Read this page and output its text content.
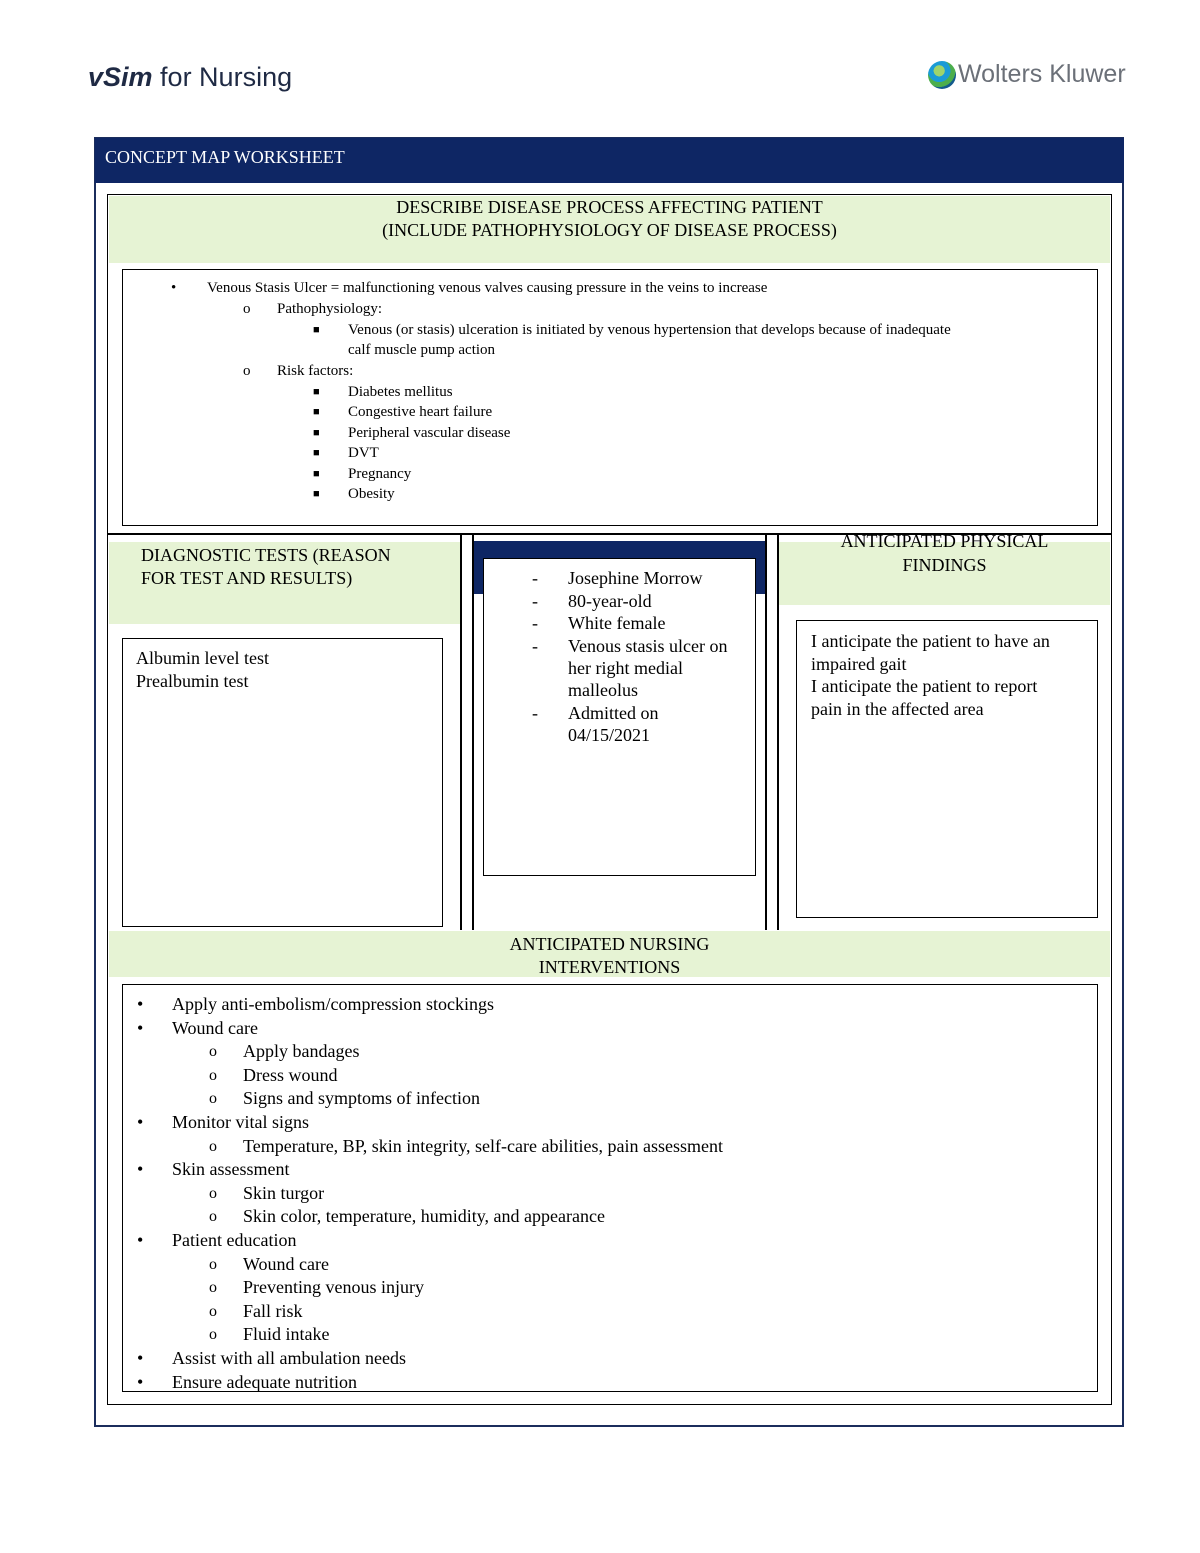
vSim for Nursing	Wolters Kluwer
CONCEPT MAP WORKSHEET
DESCRIBE DISEASE PROCESS AFFECTING PATIENT
(INCLUDE PATHOPHYSIOLOGY OF DISEASE PROCESS)
• Venous Stasis Ulcer = malfunctioning venous valves causing pressure in the veins to increase
o Pathophysiology:
■ Venous (or stasis) ulceration is initiated by venous hypertension that develops because of inadequate
calf muscle pump action
o Risk factors:
■ Diabetes mellitus
■ Congestive heart failure
■ Peripheral vascular disease
■ DVT
■ Pregnancy
■ Obesity
DIAGNOSTIC TESTS (REASON
FOR TEST AND RESULTS)
Albumin level test
Prealbumin test
- Josephine Morrow
- 80-year-old
- White female
- Venous stasis ulcer on
her right medial
malleolus
- Admitted on
04/15/2021
ANTICIPATED PHYSICAL
FINDINGS
I anticipate the patient to have an
impaired gait
I anticipate the patient to report
pain in the affected area
ANTICIPATED NURSING
INTERVENTIONS
• Apply anti-embolism/compression stockings
• Wound care
o Apply bandages
o Dress wound
o Signs and symptoms of infection
• Monitor vital signs
o Temperature, BP, skin integrity, self-care abilities, pain assessment
• Skin assessment
o Skin turgor
o Skin color, temperature, humidity, and appearance
• Patient education
o Wound care
o Preventing venous injury
o Fall risk
o Fluid intake
• Assist with all ambulation needs
• Ensure adequate nutrition
